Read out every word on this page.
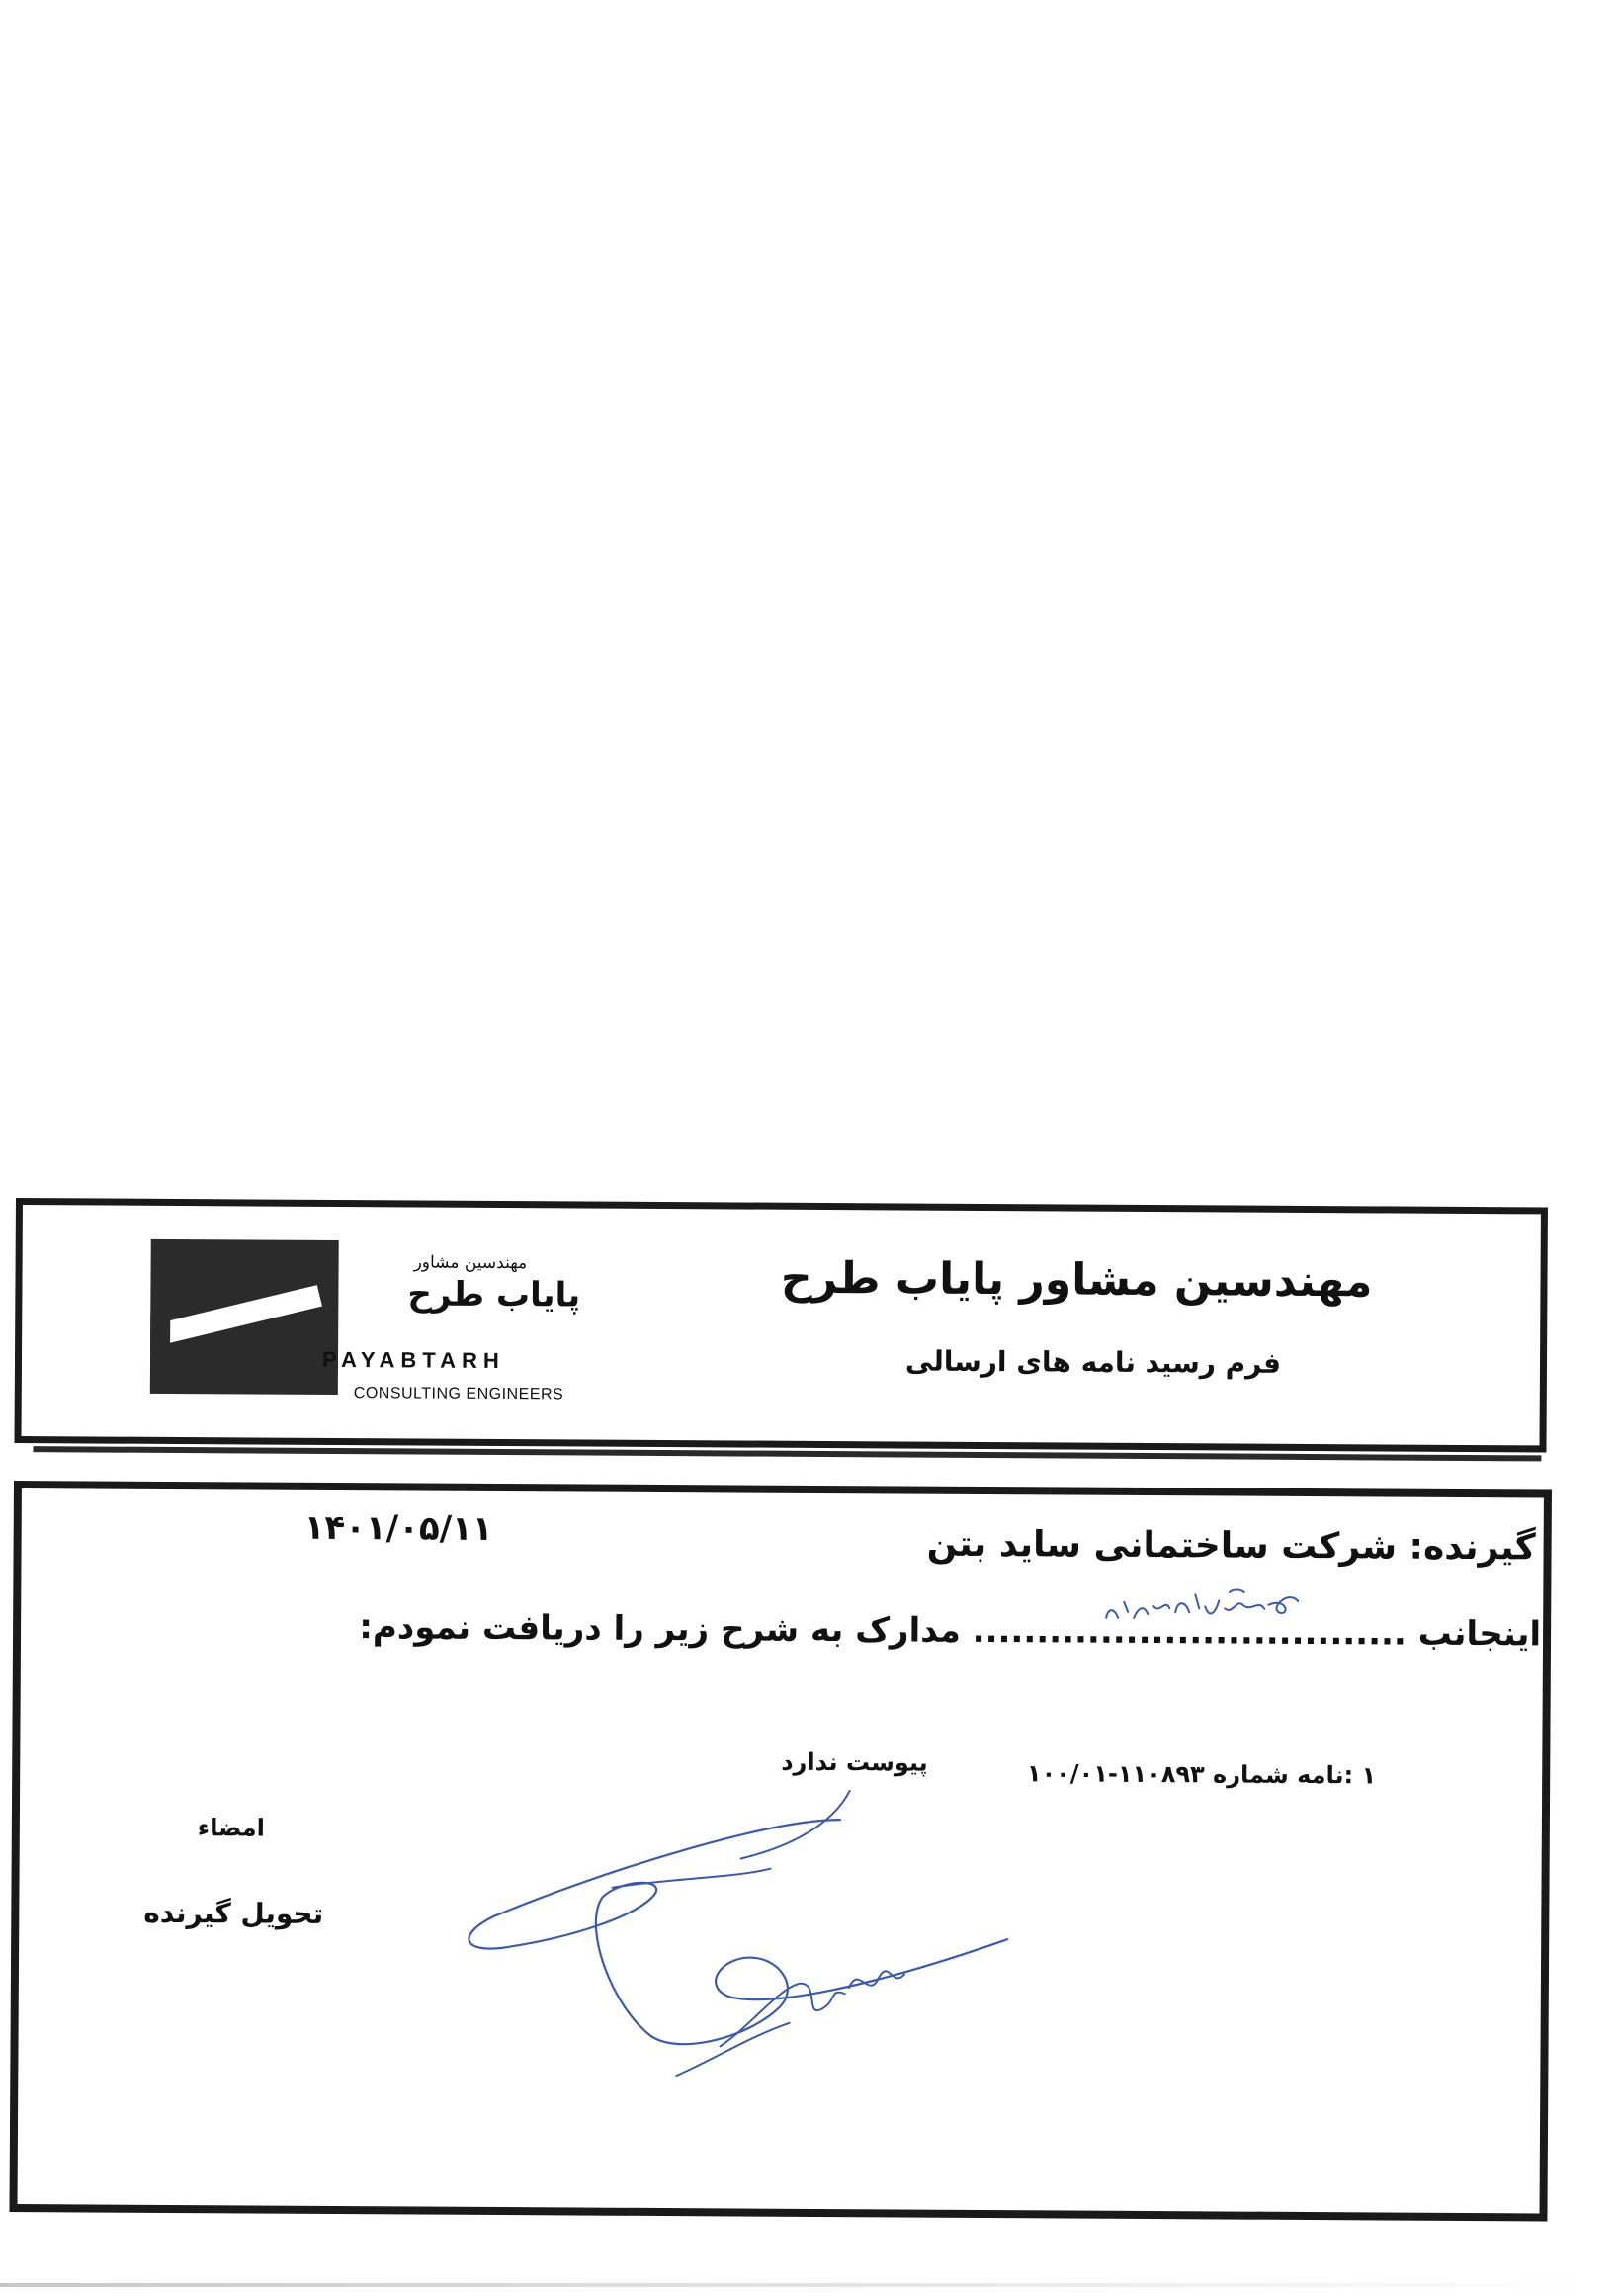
مهندسین مشاور
پایاب طرح
PAYABTARH
CONSULTING ENGINEERS
مهندسین مشاور پایاب طرح
فرم رسید نامه های ارسالی
گیرنده: شرکت ساختمانی ساید بتن
۱۴۰۱/۰۵/۱۱
اینجانب .................................. مدارک به شرح زیر را دریافت نمودم:
۱ :نامه شماره ۱۱۰۸۹۳-۱۰۰/۰۱
پیوست ندارد
امضاء
تحویل گیرنده
